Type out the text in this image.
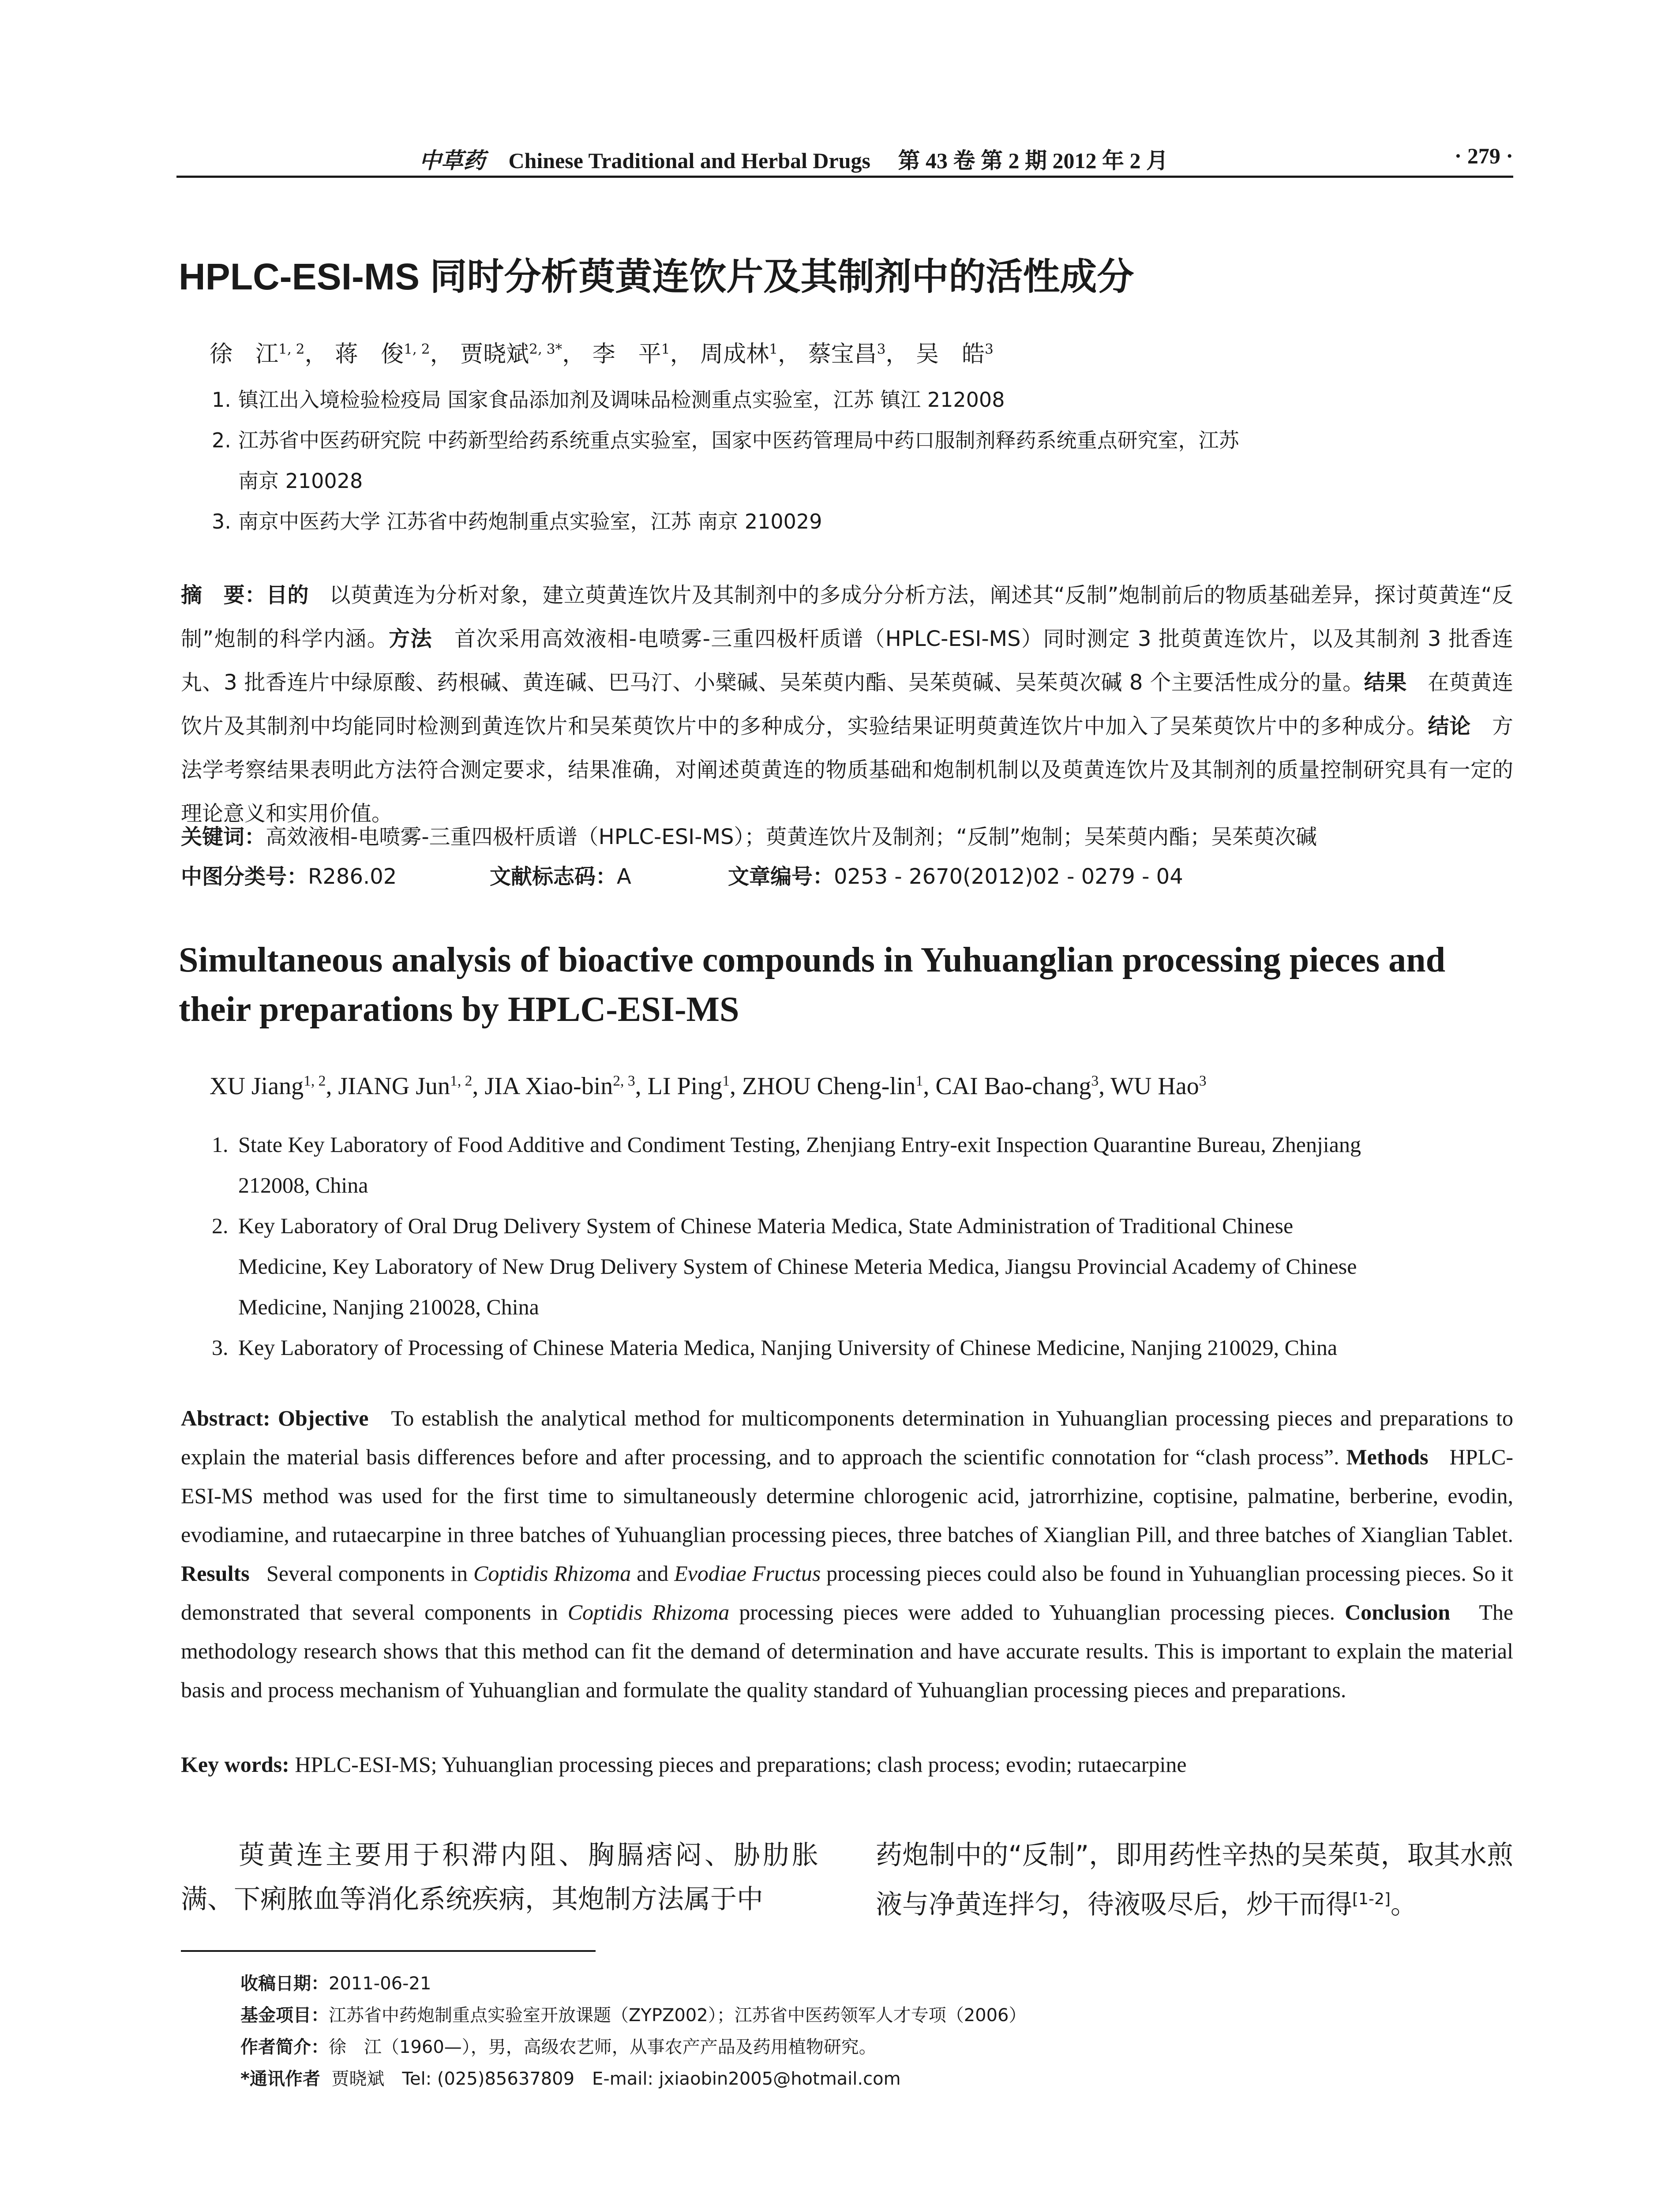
中草药 Chinese Traditional and Herbal Drugs 第 43 卷 第 2 期 2012 年 2 月	· 279 ·
HPLC-ESI-MS 同时分析萸黄连饮片及其制剂中的活性成分
徐　江$^{1, 2}$， 蒋　俊$^{1, 2}$， 贾晓斌$^{2, 3*}$， 李　平$^1$， 周成林$^1$， 蔡宝昌$^3$， 吴　皓$^3$
1. 镇江出入境检验检疫局 国家食品添加剂及调味品检测重点实验室，江苏 镇江 212008
2. 江苏省中医药研究院 中药新型给药系统重点实验室，国家中医药管理局中药口服制剂释药系统重点研究室，江苏
南京 210028
3. 南京中医药大学 江苏省中药炮制重点实验室，江苏 南京 210029
摘　要：目的 以萸黄连为分析对象，建立萸黄连饮片及其制剂中的多成分分析方法，阐述其“反制”炮制前后的物质基础差异，探讨萸黄连“反制”炮制的科学内涵。方法 首次采用高效液相-电喷雾-三重四极杆质谱（HPLC-ESI-MS）同时测定 3 批萸黄连饮片，以及其制剂 3 批香连丸、3 批香连片中绿原酸、药根碱、黄连碱、巴马汀、小檗碱、吴茱萸内酯、吴茱萸碱、吴茱萸次碱 8 个主要活性成分的量。结果 在萸黄连饮片及其制剂中均能同时检测到黄连饮片和吴茱萸饮片中的多种成分，实验结果证明萸黄连饮片中加入了吴茱萸饮片中的多种成分。结论 方法学考察结果表明此方法符合测定要求，结果准确，对阐述萸黄连的物质基础和炮制机制以及萸黄连饮片及其制剂的质量控制研究具有一定的理论意义和实用价值。
关键词：高效液相-电喷雾-三重四极杆质谱（HPLC-ESI-MS）；萸黄连饮片及制剂；“反制”炮制；吴茱萸内酯；吴茱萸次碱
中图分类号：R286.02	文献标志码：A	文章编号：0253 - 2670(2012)02 - 0279 - 04
Simultaneous analysis of bioactive compounds in Yuhuanglian processing pieces and their preparations by HPLC-ESI-MS
XU Jiang$^{1, 2}$, JIANG Jun$^{1, 2}$, JIA Xiao-bin$^{2, 3}$, LI Ping$^1$, ZHOU Cheng-lin$^1$, CAI Bao-chang$^3$, WU Hao$^3$
1. State Key Laboratory of Food Additive and Condiment Testing, Zhenjiang Entry-exit Inspection Quarantine Bureau, Zhenjiang
212008, China
2. Key Laboratory of Oral Drug Delivery System of Chinese Materia Medica, State Administration of Traditional Chinese
Medicine, Key Laboratory of New Drug Delivery System of Chinese Meteria Medica, Jiangsu Provincial Academy of Chinese
Medicine, Nanjing 210028, China
3. Key Laboratory of Processing of Chinese Materia Medica, Nanjing University of Chinese Medicine, Nanjing 210029, China
Abstract: Objective To establish the analytical method for multicomponents determination in Yuhuanglian processing pieces and preparations to explain the material basis differences before and after processing, and to approach the scientific connotation for “clash process”. Methods HPLC-ESI-MS method was used for the first time to simultaneously determine chlorogenic acid, jatrorrhizine, coptisine, palmatine, berberine, evodin, evodiamine, and rutaecarpine in three batches of Yuhuanglian processing pieces, three batches of Xianglian Pill, and three batches of Xianglian Tablet. Results Several components in Coptidis Rhizoma and Evodiae Fructus processing pieces could also be found in Yuhuanglian processing pieces. So it demonstrated that several components in Coptidis Rhizoma processing pieces were added to Yuhuanglian processing pieces. Conclusion The methodology research shows that this method can fit the demand of determination and have accurate results. This is important to explain the material basis and process mechanism of Yuhuanglian and formulate the quality standard of Yuhuanglian processing pieces and preparations.
Key words: HPLC-ESI-MS; Yuhuanglian processing pieces and preparations; clash process; evodin; rutaecarpine
萸黄连主要用于积滞内阻、胸膈痞闷、胁肋胀满、下痢脓血等消化系统疾病，其炮制方法属于中
药炮制中的“反制”，即用药性辛热的吴茱萸，取其水煎液与净黄连拌匀，待液吸尽后，炒干而得[1-2]。
收稿日期：2011-06-21
基金项目：江苏省中药炮制重点实验室开放课题（ZYPZ002）；江苏省中医药领军人才专项（2006）
作者简介：徐　江（1960—），男，高级农艺师，从事农产产品及药用植物研究。
*通讯作者 贾晓斌　Tel: (025)85637809　E-mail: jxiaobin2005@hotmail.com
